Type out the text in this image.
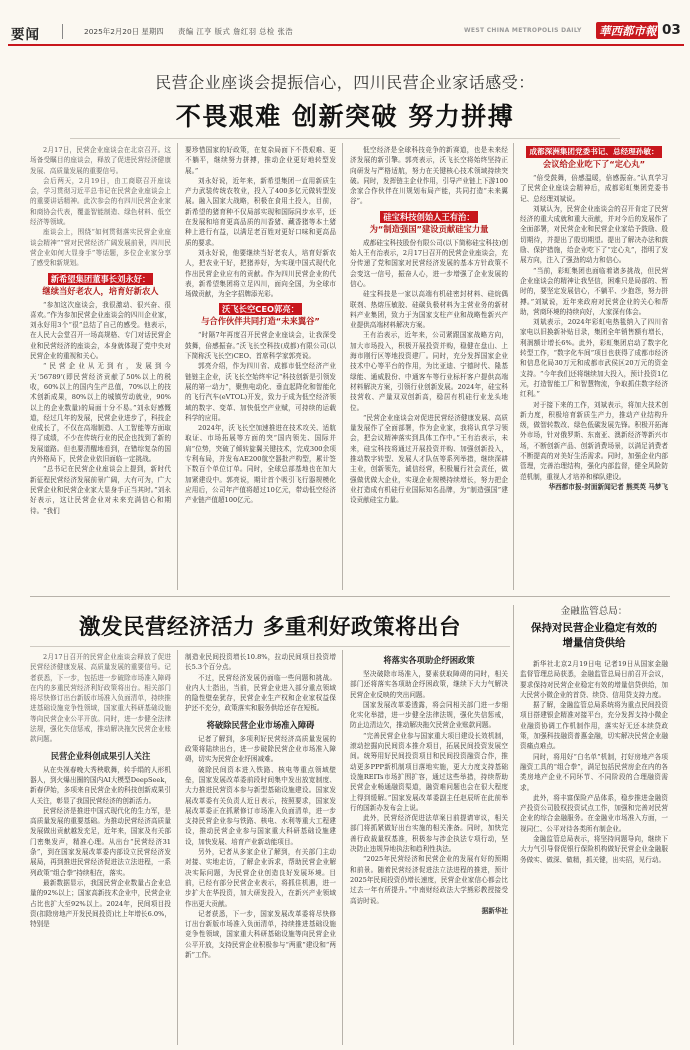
要闻	2025年2月20日 星期四 责编 江亨 版式 詹红羽 总检 张浩	WEST CHINA METROPOLIS DAILY 華西都市報 03
民营企业座谈会提振信心，四川民营企业家话感受：
不畏艰难 创新突破 努力拼搏

2月17日，民营企业座谈会在北京召开。这场备受瞩目的座谈会，释放了促进民营经济健康发展、高质量发展的重要信号。

会后两天，2月19日，由工商联召开座谈会，学习贯彻习近平总书记在民营企业座谈会上的重要讲话精神。此次参会的有四川民营企业家和商协会代表，覆盖智能制造、绿色材料、低空经济等领域。

座谈会上，围绕“如何贯彻落实民营企业座谈会精神”“营对民营经济广阔发展前景，四川民营企业如何大显身手”等话题，多位企业家分享了感受和新规划。

新希望集团董事长刘永好：
继续当好老农人，培育好新农人

“参加这次座谈会，我很激动、很兴奋、很喜欢。”作为参加民营企业座谈会的四川企业家，刘永好用3个“很”总结了自己的感受。他表示，在人民大会堂召开一场高规格、专门对话民营企业和民营经济的座谈会，本身就体现了党中央对民营企业的重视和关心。

“民营企业从无到有，发展到今天‘56789’(即民营经济贡献了50%以上的税收，60%以上的国内生产总值，70%以上的技术创新成果，80%以上的城镇劳动就业，90%以上的企业数量)的局面十分不易。”刘永好感慨道，经过几年的发展，民营企业进步了，科技企业成长了，不仅在高端制造、人工智能等方面取得了成绩，不少在传统行业的民企也找到了新的发展道路。但也要清醒地看到，在错综复杂的国内外格局下，民营企业依旧面临一定挑战。

“总书记在民营企业座谈会上提到，新时代新征程民营经济发展前景广阔，大有可为，广大民营企业和民营企业家大显身手正当其时。”刘永好表示，这让民营企业对未来充满信心和期待。“我们

要珍惜国家的好政策，在复杂局面下不畏艰难、更不躺平，继续努力拼搏，推动企业更好地转型发展。”

刘永好说，近年来，新希望集团一直用新质生产力武装传统农牧业，投入了400多亿元做转型发展。融入国家大战略，积极在食用土投入，目前，新希望的猪育种不仅局部实现和国际同步水平，还在发展和培育更高品质的川香猪、藏香猪等本土猪种上进行有益，以满足老百姓对更好口味和更高品质的要求。

刘永好说，他要继续当好老农人，培育好新农人，把农业干好，把猪养好，为实现中国式现代化作出民营企业应有的贡献。作为四川民营企业的代表，新希望集团将立足四川，面向全国，为全球市场做贡献，为全字招牌添光彩。

沃飞长空CEO郭亮：
与合作伙伴共同打造“未来翼谷”

“时隔7年再度召开民营企业座谈会，让我深受鼓舞，倍感振奋。”沃飞长空科技(成都)有限公司(以下简称沃飞长空)CEO、首席科学家郭亮说。

郭亮介绍，作为四川省、成都市低空经济产业链链主企业，沃飞长空始终牢记“科技创新是引领发展的第一动力”，聚焦电动化、垂直起降化和智能化的飞行汽车(eVTOL)开发，致力于成为低空经济领域的数字、变革、加快低空产业赋，可持续的运载科学的应用。

2024年，沃飞长空加速推进在技术攻关、适航取证、市场拓展等方面的突“国内领先、国际并肩”位势，突破了倾转旋翼关键技术，完成300余项专利布局，并发布AE200航空器批产构型，累计签下数百个单位订单。同时，全球总部基地也在加大加紧建设中。郭亮说，期计首个吸引飞行器规模化应用后，公司年产值将超过10亿元，带动低空经济产业链产值超100亿元。

低空经济是全球科技竞争的新赛道，也是未来经济发展的新引擎。郭亮表示，沃飞长空将始终坚持正向研发与严格适航，努力在关键核心技术领域持续突破。同时，发挥链主企业作用，引导产业链上下游100余家合作伙伴在川规划布局产能，共同打造“未来翼谷”。

硅宝科技创始人王有治：
为“制造强国”建设贡献硅宝力量

成都硅宝科技股份有限公司(以下简称硅宝科技)创始人王有治表示，2月17日召开的民营企业座谈会，充分传递了党和国家对民营经济发展的基本方针政策不会变这一信号，振奋人心，进一步增强了企业发展的信心。

硅宝科技是一家以高端有机硅密封材料、硅烷偶联剂、热熔压敏胶、硅碳负极材料为主营业务的新材料产业集团，致力于为国家支柱产业和战略性新兴产业提供高端材料解决方案。

王有治表示，近年来，公司紧跟国家战略方向，加大市场投入，积极开展投资并购，稳健在盘山、上海市刚行区等地投资建厂。同时，充分发挥国家企业技术中心等平台的作用，为比亚迪、宁德时代、隆基绿能、通威股份、中通客车等行业标杆客户提供高端材料解决方案，引领行业创新发展。2024年，硅宝科技营收、产量双双创新高，稳居有机硅行业龙头地位。

“民营企业座谈会对促进民营经济健康发展、高质量发展作了全面部署，作为企业家，我将认真学习领会，把会议精神落实到具体工作中。”王有治表示，未来，硅宝科技将通过开展投资并购、加强创新投入，推动数字转型、发展人才队伍等系列举措，继续深耕主业，创新领先，诚信经营，积极履行社会责任，做强做优做大企业，实现企业规模持续增长，努力把企业打造成有机硅行业国际知名品牌，为“制造强国”建设贡献硅宝力量。

成都深洲集团党委书记、总经理孙敏：
会议给企业吃下了“定心丸”

“倍受鼓舞，倍感温暖，倍感振奋。”认真学习了民营企业座谈会精神后，成都彩虹集团党委书记、总经理刘斌说。

刘斌认为，民营企业座谈会的召开肯定了民营经济的重大成就和重大贡献，并对今后的发展作了全面部署，对民营企业和民营企业家给予鼓励、殷切期待，并提出了殷切期望。提出了解决办法和鼓励、保护措施，给企业吃下了“定心丸”，指明了发展方向，注入了强劲的动力和信心。

“当前，彩虹集团也面临着诸多挑战，但民营企业座谈会的精神让我坚信，困难只是局部的、暂时的，要坚定发展信心，不躺平、少抱怨，努力拼搏。”刘斌说，近年来政府对民营企业的关心和帮助，营商环境的持续向好，大家深有体会。

刘斌表示，2024年彩虹电热毯纳入了四川省家电以旧换新补贴目录，集团全年销售额有增长，利润额计增长6%。此外，彩虹集团启动了数字化转型工作，“数字化车间”项目也获得了成都市经济和信息化局30万元和成都市武侯区20万元的资金支持。“今年我们还将继续加大投入，预计投资1亿元，打造智能工厂和智慧物流，争取抓住数字经济红利。”

对于接下来的工作，刘斌表示，将加大技术创新力度，积极培育新质生产力，推动产业结构升级，做智转数改、绿色低碳发展先锋。积极开拓海外市场，针对俄罗斯、东南亚、澳新经济等新兴市场，不断创新产品、创新消费场景，以满足消费者不断提高的对美好生活需求。同时，加强企业内部管理，完善治理结构，强化内部监督，健全风险防范机制，重视人才培养和梯队建设。

华西都市报-封面新闻记者 熊英英 马梦飞

激发民营经济活力 多重利好政策将出台

2月17日召开的民营企业座谈会释放了促进民营经济健康发展、高质量发展的重要信号。记者获悉，下一步，包括进一步破除市场准入障碍在内的多重民营经济利好政策将出台。相关部门将尽快修订出台新版市场准入负面清单，持续推进基础设施竞争性领域，国家重大科研基础设施等向民营企业公平开放。同时，进一步健全法律法规，强化失信惩戒，推动解决拖欠民营企业账款问题。

民营企业科创成果引人关注

从在央视春晚大秀秧歌舞，转手绢的人形机器人，到火爆出圈的国内AI大模型DeepSeek，新春伊始，多项来自民营企业的科技创新成果引人关注，彰显了我国民营经济的创新活力。

民营经济是推进中国式现代化的生力军，是高质量发展的重要基础。为推动民营经济高质量发展做出贡献越发充足，近年来，国家及有关部门密集发声，精准心理。从出台“民营经济31条”，到在国家发展改革委内部设立民营经济发展局，再到推进民营经济促进法立法进程，一系列政策“组合拳”持续相在，落实。

最新数据显示，我国民营企业数量占企业总量的92%以上；国家高新技术企业中，民营企业占比也扩大至92%以上。2024年，民间项目投资(扣除房地产开发民间投资)比上年增长6.0%，特别是

制造业民间投资增长10.8%，拉动民间项目投资增长5.3个百分点。

不过，民营经济发展仍面临一些问题和挑战。业内人士指出，当前，民营企业进入部分重点领域的隐性壁垒犹存，民营企业生产权和企业家权益保护还不充分，政策落实和服务供给还存在短板。

将破除民营企业市场准入障碍

记者了解到，多项利好民营经济高质量发展的政策将陆续出台，进一步破除民营企业市场准入障碍，切实为民营企业纾困减难。

破除民间资本进入铁路、核电等重点领域壁垒，国家发展改革委前段时间集中发出放宽制度、大力推进民营资本参与新型基础设施建设。国家发展改革委有关负责人近日表示，按照要求，国家发展改革委正在抓紧修订市场准入负面清单，进一步支持民营企业参与铁路、核电、水利等重大工程建设，推动民营企业参与国家重大科研基础设施建设，加快发展、培育产业新动能项目。

另外，记者从多家企业了解到，有关部门主动对接、实地走访，了解企业诉求，帮助民营企业解决实际问题，为民营企业创造良好发展环境。目前，已经有部分民营企业表示，将抓住机遇，进一步扩大在华投资，加大研发投入，在新兴产业领域作出更大贡献。

记者获悉，下一步，国家发展改革委将尽快修订出台新版市场准入负面清单，持续推进基础设施竞争性领域，国家重大科研基础设施等向民营企业公平开放，支持民营企业积极参与“两重”建设和“两新”工作。

将落实各项助企纾困政策

坚决破除市场准入，要素获取障碍的同时，相关部门还将落实各项助企纾困政策，继续下大力气解决民营企业反映的突出问题。

国家发展改革委透露，将会同相关部门进一步细化实化举措，进一步健全法律法规，强化失信惩戒，防止边清边欠，推动解决拖欠民营企业账款问题。

“完善民营企业参与国家重大项目建设长效机制，滚动挖掘向民间资本推介项目，拓展民间投资发展空间。统筹用好民间投资项目和民间投资融资合作，推动更多PPP新机制项目落地实施，更大力度支持基础设施REITs市场扩围扩容，通过这些举措，持续帮助民营企业畅通融资渠道，融资难问题也会在很大程度上得到缓解。”国家发展改革委副主任赵辰昕在此前举行的国新办发布会上说。

此外，民营经济促进法草案日前提请审议，相关部门将抓紧做好出台实施的相关准备。同时，加快完善行政裁量权基准，积极参与涉企执法专项行动，坚决防止违规异地执法和趋利性执法。

“2025年民营经济和民营企业的发展有好的预期和前景。随着民营经济促进法立法进程的推进，预计2025年民间投资仍增长速度，民营企业家信心都会比过去一年有所提升。”中南财经政法大学熊彩教授接受高访时说。

据新华社

金融监管总局：
保持对民营企业稳定有效的增量信贷供给

新华社北京2月19日电 记者19日从国家金融监督管理总局获悉，金融监管总局日前召开会议，要求保持对民营企业稳定有效的增量信贷供给，加大民营小微企业的首贷、续贷、信用贷支持力度。

据了解，金融监管总局系统将为重点民间投资项目搭建银企精准对接平台，充分发挥支持小微企业融资协调工作机制作用，落实好无还本续贷政策，加强科技融资普惠金融，切实解决民营企业融资痛点难点。

同时，将用好“白名单”机制，打好房地产各项融资工具的“组合拳”，满足包括民营房企在内的各类房地产企业不同环节、不同阶段的合理融资需求。

此外，将丰富保险产品体系，稳步推进金融资产投资公司股权投资试点工作，加强和完善对民营企业的综合金融服务。在金融业市场准入方面，一视同仁、公平对待各类所有制企业。

金融监管总局表示，将坚持问题导向，继续下大力气引导督促银行保险机构做好民营企业金融服务做实、做深、做精，抓关键，出实招，见行动。
